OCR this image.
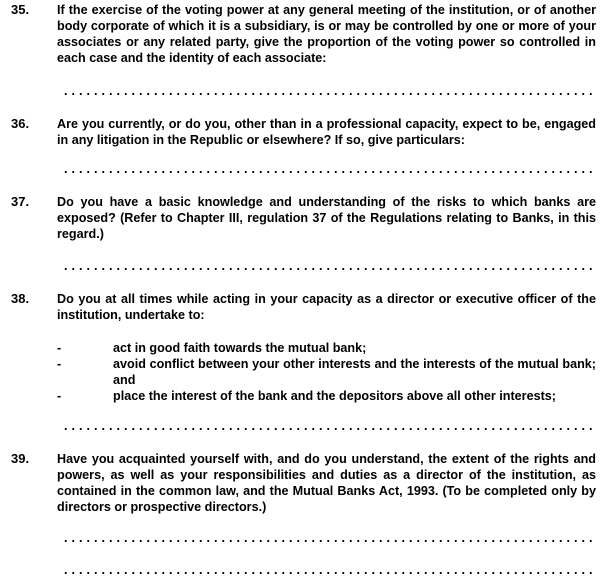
35. If the exercise of the voting power at any general meeting of the institution, or of another body corporate of which it is a subsidiary, is or may be controlled by one or more of your associates or any related party, give the proportion of the voting power so controlled in each case and the identity of each associate:
36. Are you currently, or do you, other than in a professional capacity, expect to be, engaged in any litigation in the Republic or elsewhere? If so, give particulars:
37. Do you have a basic knowledge and understanding of the risks to which banks are exposed? (Refer to Chapter III, regulation 37 of the Regulations relating to Banks, in this regard.)
38. Do you at all times while acting in your capacity as a director or executive officer of the institution, undertake to:
-	act in good faith towards the mutual bank;
-	avoid conflict between your other interests and the interests of the mutual bank; and
-	place the interest of the bank and the depositors above all other interests;
39. Have you acquainted yourself with, and do you understand, the extent of the rights and powers, as well as your responsibilities and duties as a director of the institution, as contained in the common law, and the Mutual Banks Act, 1993. (To be completed only by directors or prospective directors.)
